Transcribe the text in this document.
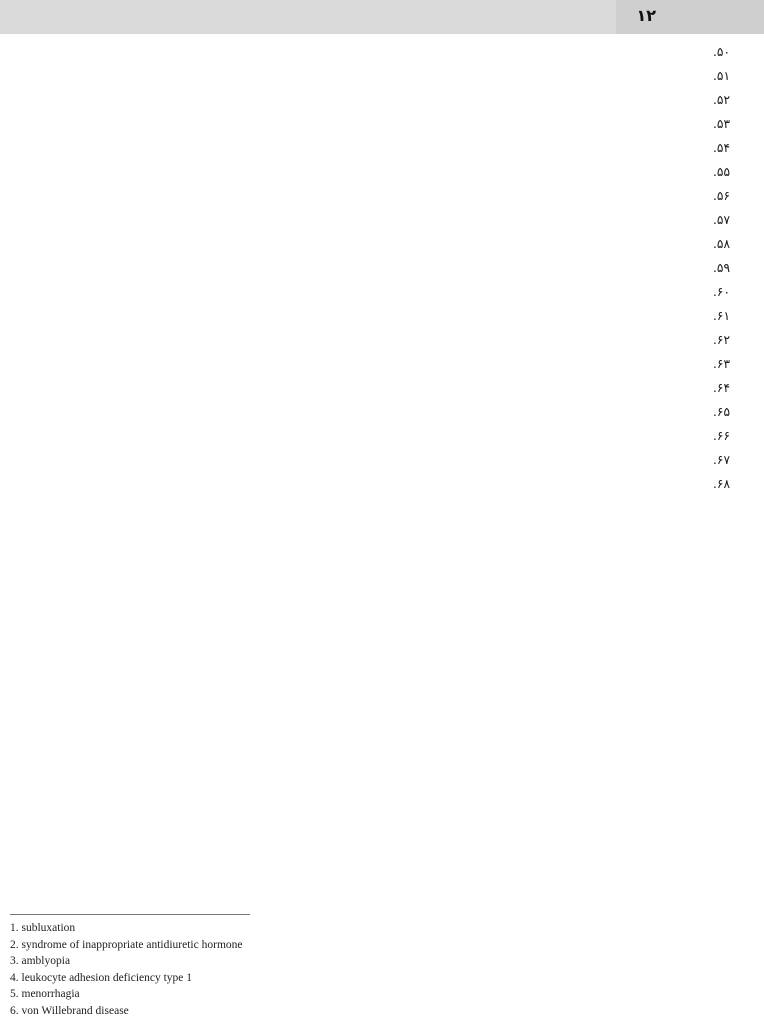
۱۲

۵۰.

۵۱.

۵۲.

۵۳.

۵۴.

۵۵.

۵۶.

۵۷.

۵۸.

۵۹.

۶۰.

۶۱.

۶۲.

۶۳.

۶۴.

۶۵.

۶۶.

۶۷.

۶۸.

1. subluxation
2. syndrome of inappropriate antidiuretic hormone
3. amblyopia
4. leukocyte adhesion deficiency type 1
5. menorrhagia
6. von Willebrand disease
